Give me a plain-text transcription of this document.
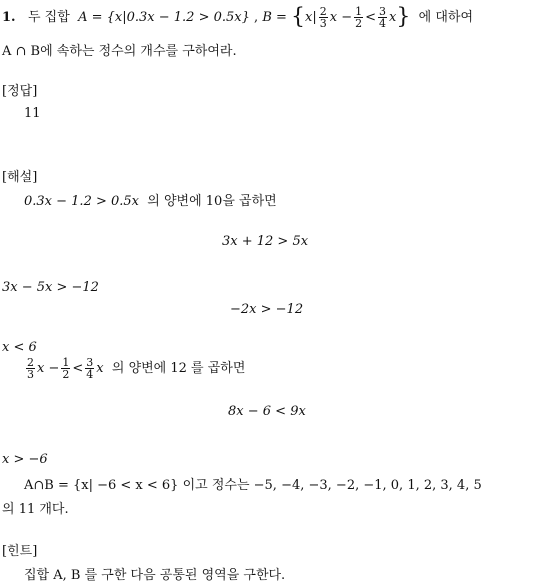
1. 두 집합 A = {x|0.3x − 1.2 > 0.5x} , $B = \{x| \frac{2}{3}$ $x - \frac{1}{2} < \frac{3}{4} x$} 에 대하여
A ∩ B에 속하는 정수의 개수를 구하여라.
[정답]
11
[해설]
0.3x − 1.2 > 0.5x 의 양변에 10을 곱하면
3x + 12 > 5x
3x − 5x > −12
−2x > −12
x < 6
$\frac{2}{3}$ $x - \frac{1}{2} < \frac{3}{4}$ x 의 양변에 12 를 곱하면
8x − 6 < 9x
x > −6
A∩B = {x| −6 < x < 6} 이고 정수는 −5, −4, −3, −2, −1, 0, 1, 2, 3, 4, 5
의 11 개다.
[힌트]
집합 A, B 를 구한 다음 공통된 영역을 구한다.
